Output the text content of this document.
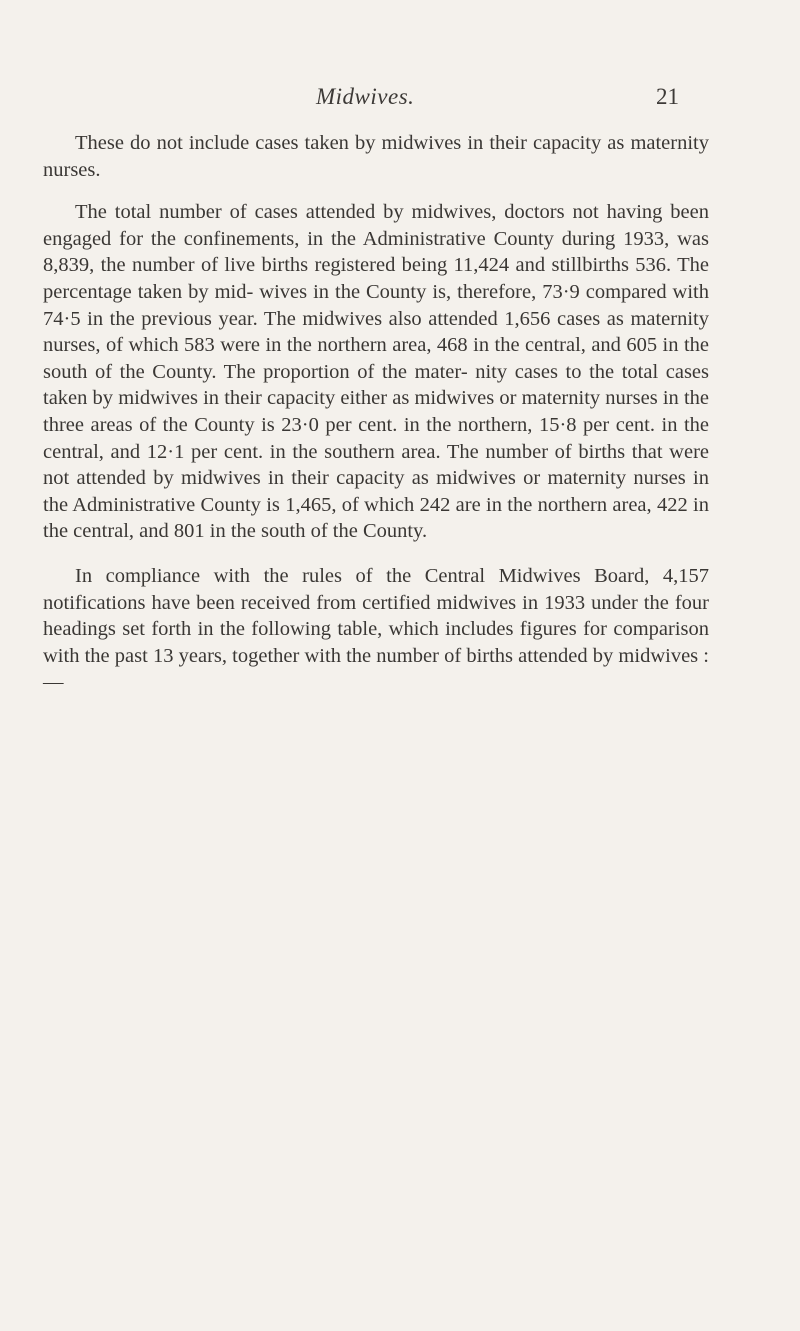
Midwives.	21

These do not include cases taken by midwives in their capacity as maternity nurses.

The total number of cases attended by midwives, doctors not having been engaged for the confinements, in the Administrative County during 1933, was 8,839, the number of live births registered being 11,424 and stillbirths 536. The percentage taken by mid- wives in the County is, therefore, 73·9 compared with 74·5 in the previous year. The midwives also attended 1,656 cases as maternity nurses, of which 583 were in the northern area, 468 in the central, and 605 in the south of the County. The proportion of the mater- nity cases to the total cases taken by midwives in their capacity either as midwives or maternity nurses in the three areas of the County is 23·0 per cent. in the northern, 15·8 per cent. in the central, and 12·1 per cent. in the southern area. The number of births that were not attended by midwives in their capacity as midwives or maternity nurses in the Administrative County is 1,465, of which 242 are in the northern area, 422 in the central, and 801 in the south of the County.

In compliance with the rules of the Central Midwives Board, 4,157 notifications have been received from certified midwives in 1933 under the four headings set forth in the following table, which includes figures for comparison with the past 13 years, together with the number of births attended by midwives :—
